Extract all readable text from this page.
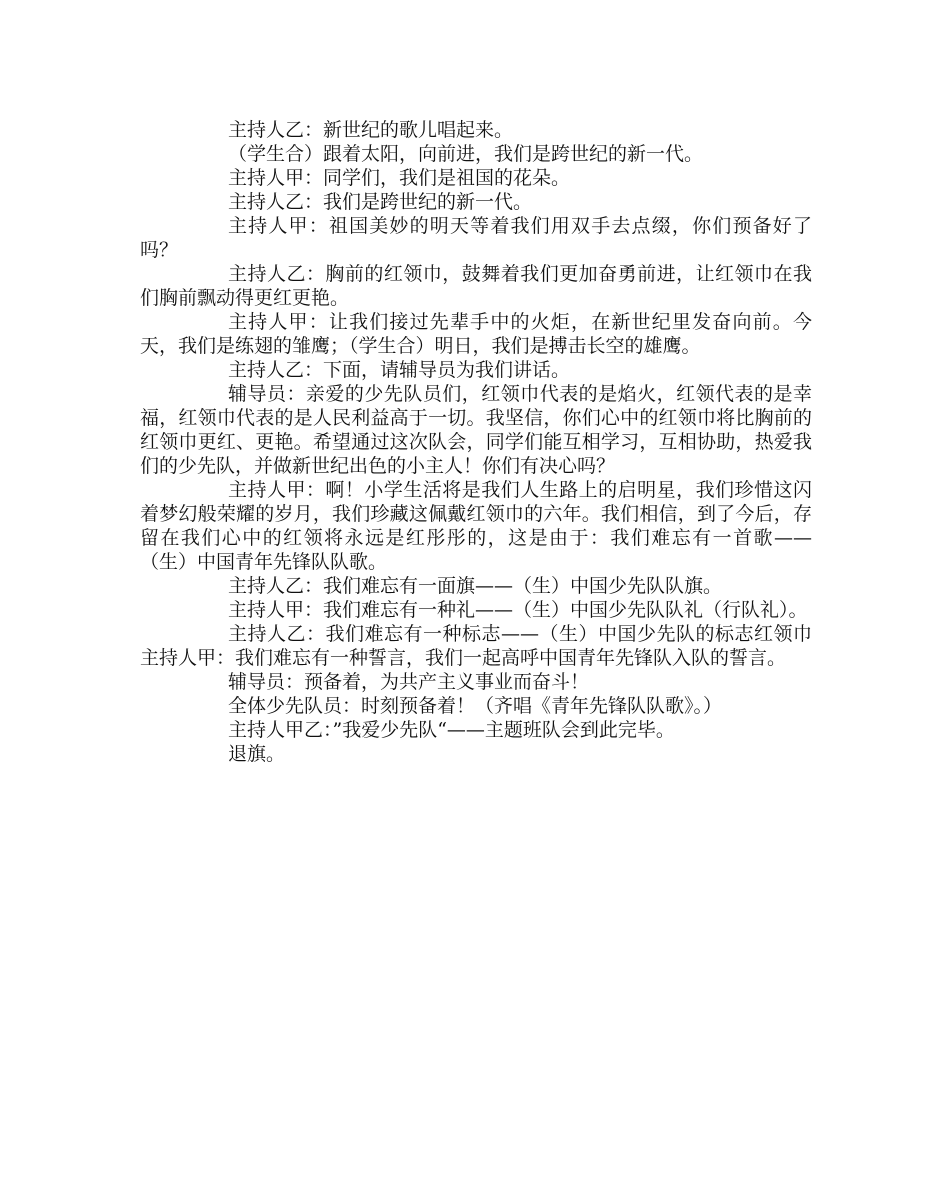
主持人乙：新世纪的歌儿唱起来。

（学生合）跟着太阳，向前进，我们是跨世纪的新一代。

主持人甲：同学们，我们是祖国的花朵。

主持人乙：我们是跨世纪的新一代。

主持人甲：祖国美妙的明天等着我们用双手去点缀，你们预备好了吗？

主持人乙：胸前的红领巾，鼓舞着我们更加奋勇前进，让红领巾在我们胸前飘动得更红更艳。

主持人甲：让我们接过先辈手中的火炬，在新世纪里发奋向前。今天，我们是练翅的雏鹰；（学生合）明日，我们是搏击长空的雄鹰。

主持人乙：下面，请辅导员为我们讲话。

辅导员：亲爱的少先队员们，红领巾代表的是焰火，红领代表的是幸福，红领巾代表的是人民利益高于一切。我坚信，你们心中的红领巾将比胸前的红领巾更红、更艳。希望通过这次队会，同学们能互相学习，互相协助，热爱我们的少先队，并做新世纪出色的小主人！你们有决心吗？

主持人甲：啊！小学生活将是我们人生路上的启明星，我们珍惜这闪着梦幻般荣耀的岁月，我们珍藏这佩戴红领巾的六年。我们相信，到了今后，存留在我们心中的红领将永远是红彤彤的，这是由于：我们难忘有一首歌——（生）中国青年先锋队队歌。

主持人乙：我们难忘有一面旗——（生）中国少先队队旗。

主持人甲：我们难忘有一种礼——（生）中国少先队队礼（行队礼）。

主持人乙：我们难忘有一种标志——（生）中国少先队的标志红领巾主持人甲：我们难忘有一种誓言，我们一起高呼中国青年先锋队入队的誓言。

辅导员：预备着，为共产主义事业而奋斗！

全体少先队员：时刻预备着！（齐唱《青年先锋队队歌》。）

主持人甲乙：”我爱少先队“——主题班队会到此完毕。

退旗。
